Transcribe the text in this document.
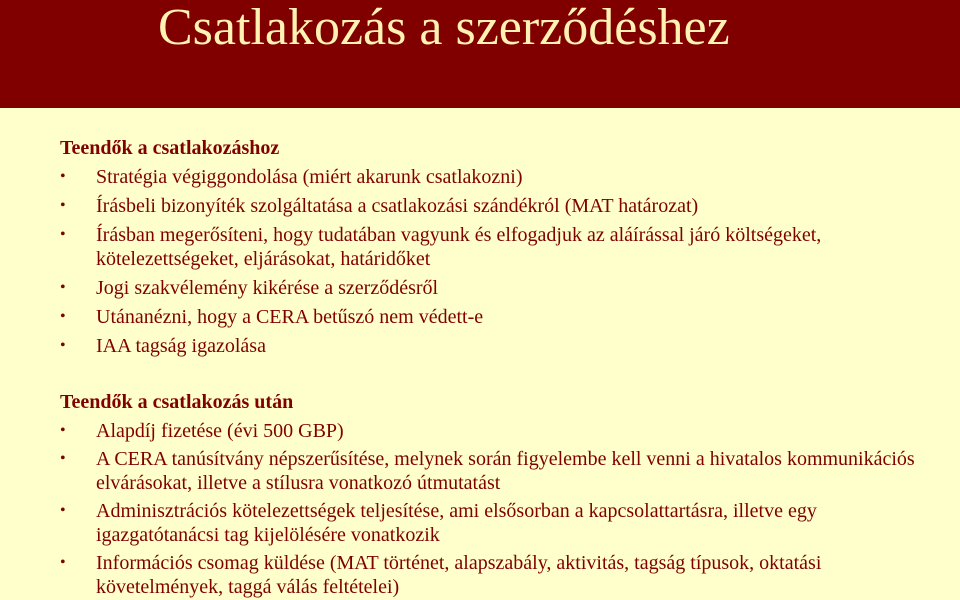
Csatlakozás a szerződéshez
Teendők a csatlakozáshoz
•	Stratégia végiggondolása (miért akarunk csatlakozni)
•	Írásbeli bizonyíték szolgáltatása a csatlakozási szándékról (MAT határozat)
•	Írásban megerősíteni, hogy tudatában vagyunk és elfogadjuk az aláírással járó költségeket, kötelezettségeket, eljárásokat, határidőket
•	Jogi szakvélemény kikérése a szerződésről
•	Utánanézni, hogy a CERA betűszó nem védett-e
•	IAA tagság igazolása
Teendők a csatlakozás után
•	Alapdíj fizetése (évi 500 GBP)
•	A CERA tanúsítvány népszerűsítése, melynek során figyelembe kell venni a hivatalos kommunikációs elvárásokat, illetve a stílusra vonatkozó útmutatást
•	Adminisztrációs kötelezettségek teljesítése, ami elsősorban a kapcsolattartásra, illetve egy igazgatótanácsi tag kijelölésére vonatkozik
•	Információs csomag küldése (MAT történet, alapszabály, aktivitás, tagság típusok, oktatási követelmények, taggá válás feltételei)
